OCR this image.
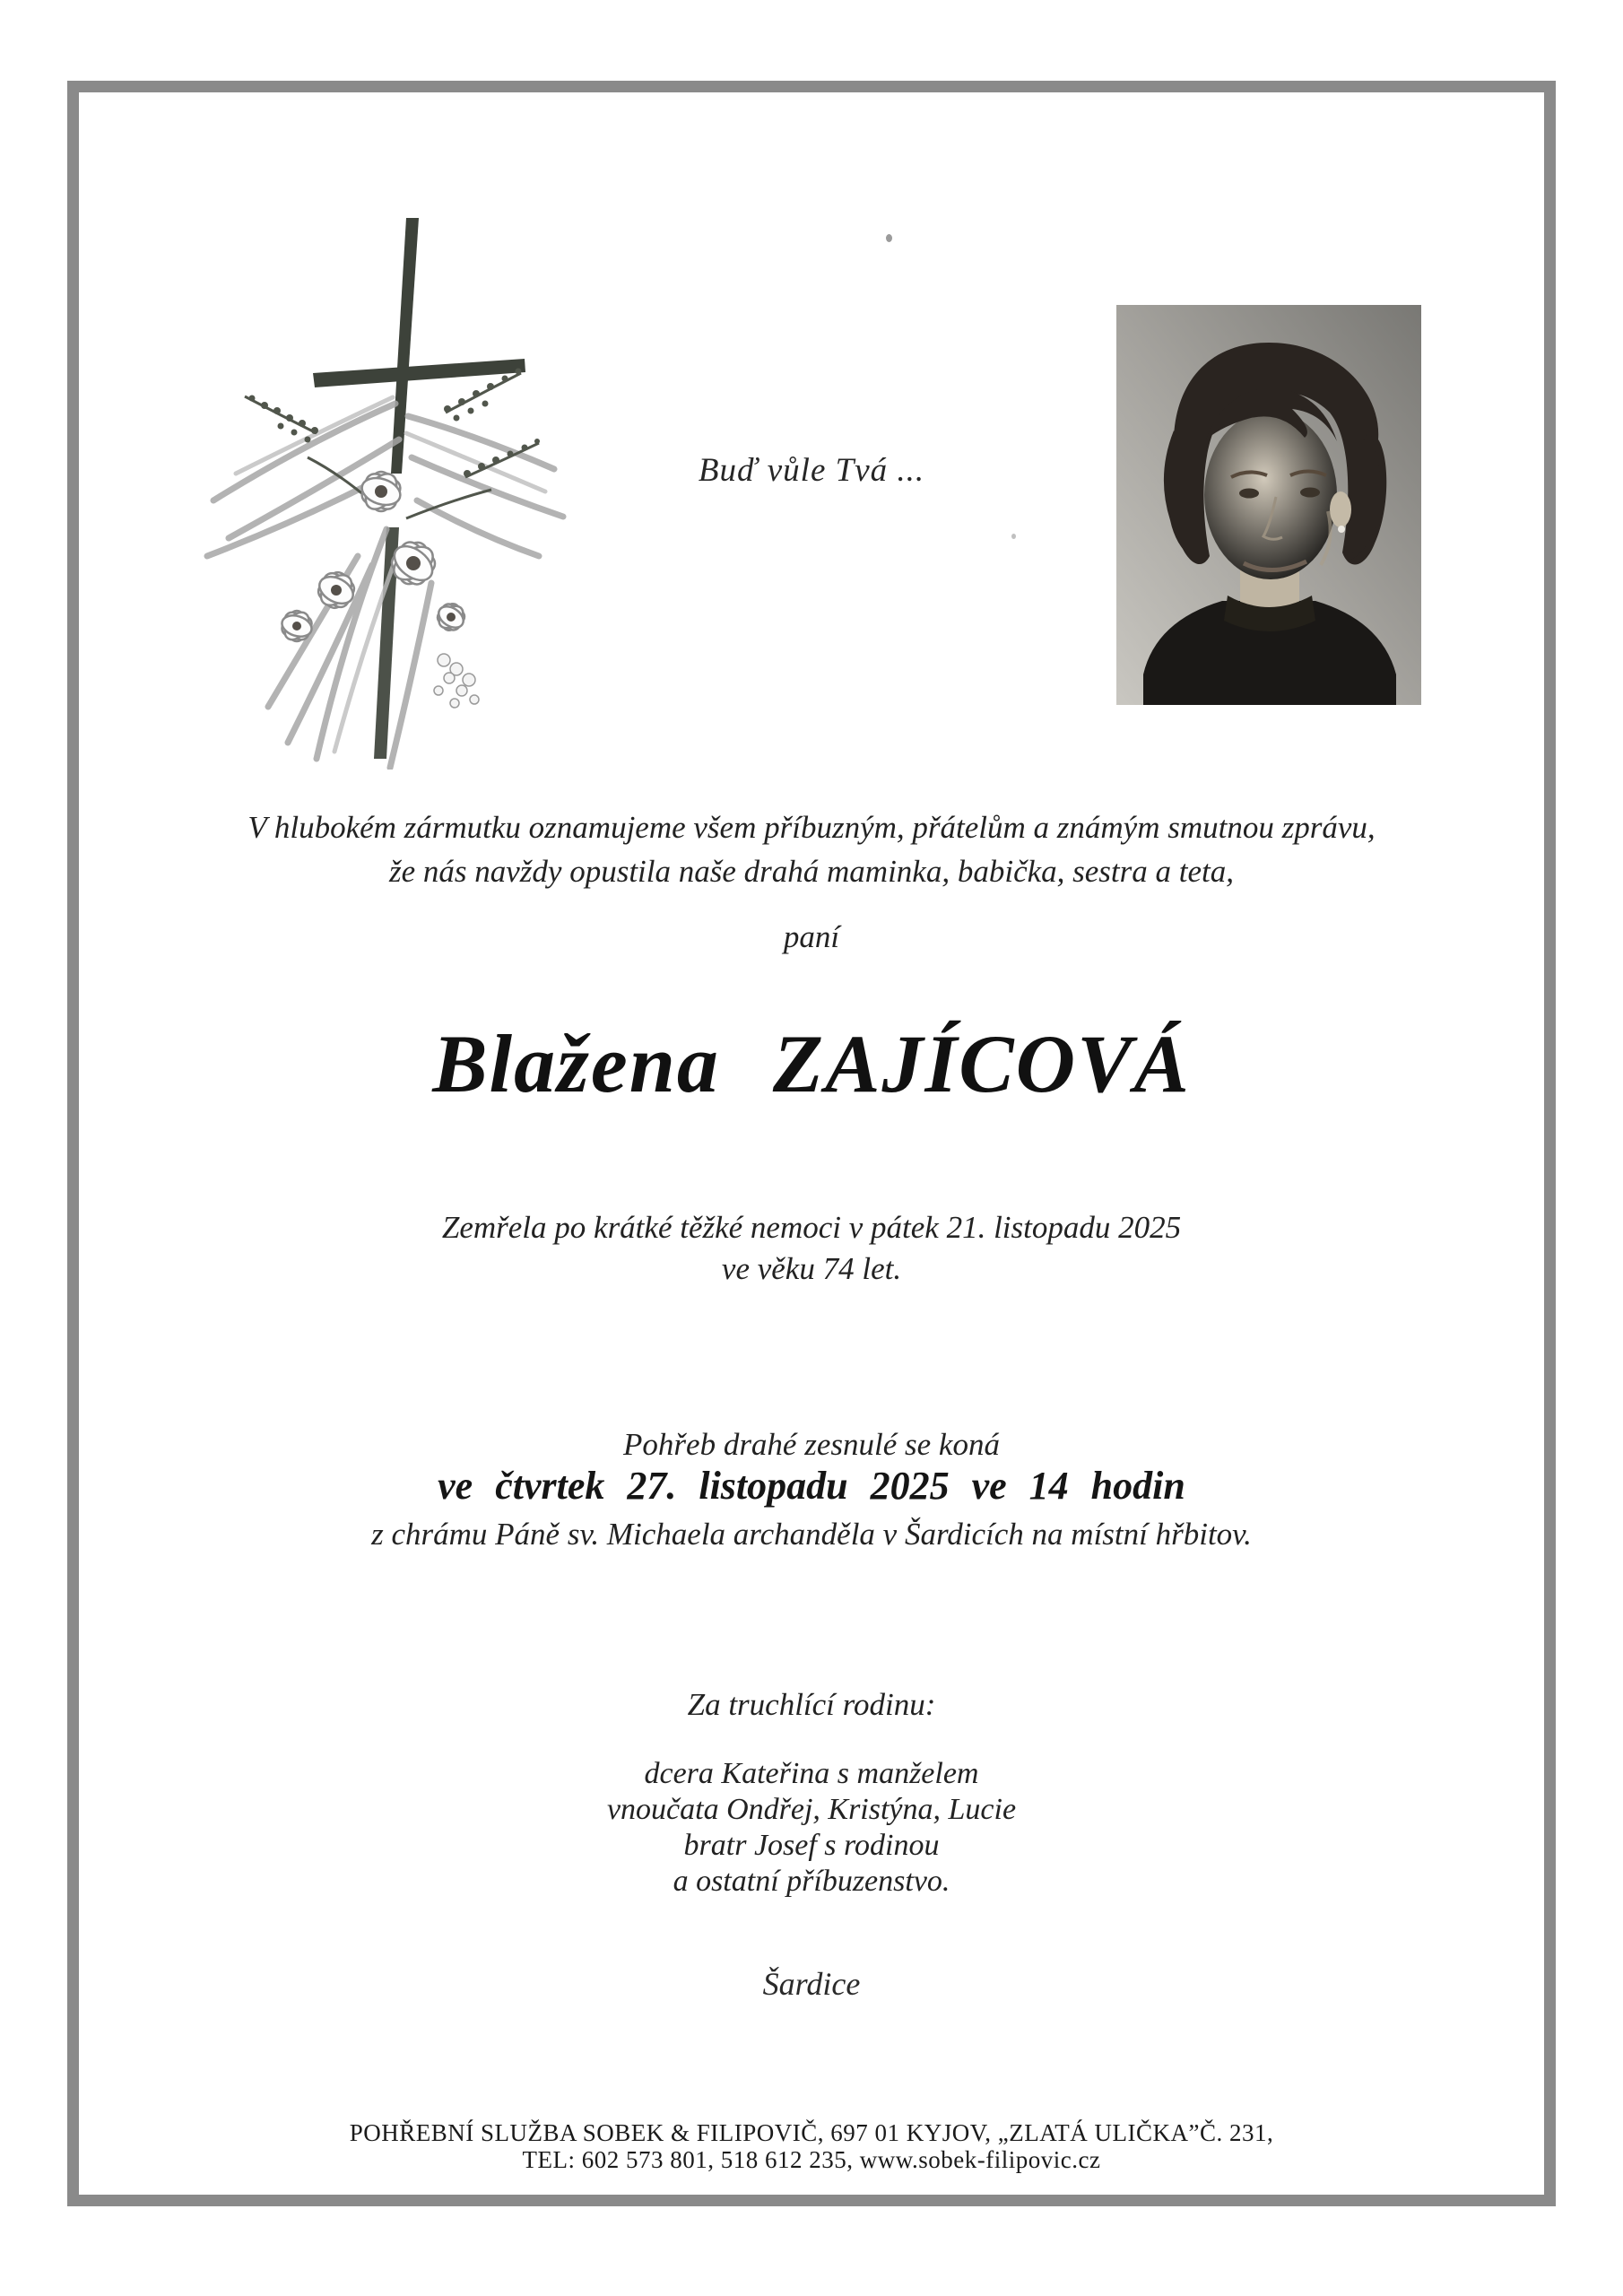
Buď vůle Tvá ...
V hlubokém zármutku oznamujeme všem příbuzným, přátelům a známým smutnou zprávu,
že nás navždy opustila naše drahá maminka, babička, sestra a teta,
paní
Blažena ZAJÍCOVÁ
Zemřela po krátké těžké nemoci v pátek 21. listopadu 2025
ve věku 74 let.
Pohřeb drahé zesnulé se koná
ve čtvrtek 27. listopadu 2025 ve 14 hodin
z chrámu Páně sv. Michaela archanděla v Šardicích na místní hřbitov.
Za truchlící rodinu:
dcera Kateřina s manželem
vnoučata Ondřej, Kristýna, Lucie
bratr Josef s rodinou
a ostatní příbuzenstvo.
Šardice
POHŘEBNÍ SLUŽBA SOBEK & FILIPOVIČ, 697 01 KYJOV, „ZLATÁ ULIČKA”Č. 231,
TEL: 602 573 801, 518 612 235, www.sobek-filipovic.cz
